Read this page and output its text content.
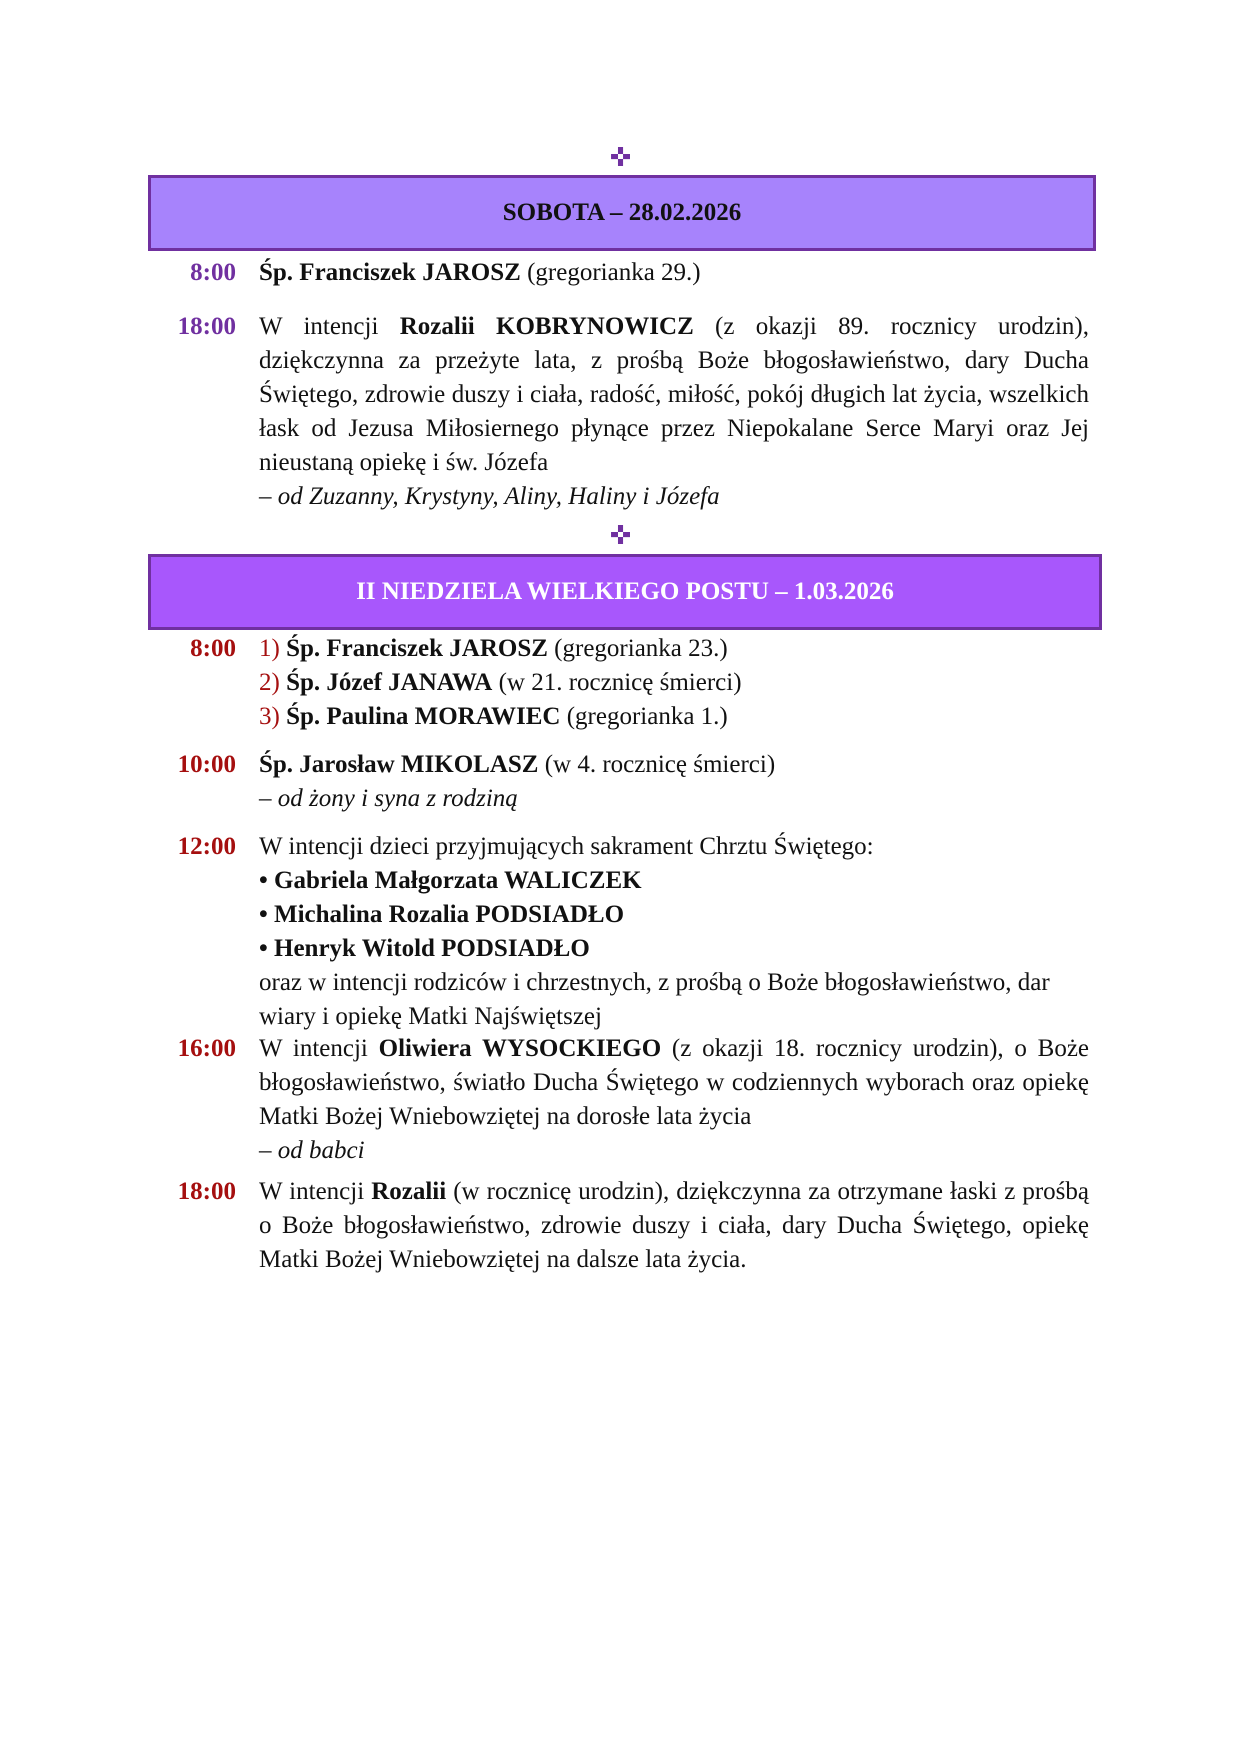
✜
SOBOTA – 28.02.2026
8:00 Śp. Franciszek JAROSZ (gregorianka 29.)
18:00 W intencji Rozalii KOBRYNOWICZ (z okazji 89. rocznicy urodzin), dziękczynna za przeżyte lata, z prośbą Boże błogosławieństwo, dary Ducha Świętego, zdrowie duszy i ciała, radość, miłość, pokój długich lat życia, wszelkich łask od Jezusa Miłosiernego płynące przez Niepokalane Serce Maryi oraz Jej nieustaną opiekę i św. Józefa
– od Zuzanny, Krystyny, Aliny, Haliny i Józefa
✜
II NIEDZIELA WIELKIEGO POSTU – 1.03.2026
8:00 1) Śp. Franciszek JAROSZ (gregorianka 23.)
2) Śp. Józef JANAWA (w 21. rocznicę śmierci)
3) Śp. Paulina MORAWIEC (gregorianka 1.)
10:00 Śp. Jarosław MIKOLASZ (w 4. rocznicę śmierci)
– od żony i syna z rodziną
12:00 W intencji dzieci przyjmujących sakrament Chrztu Świętego:
• Gabriela Małgorzata WALICZEK
• Michalina Rozalia PODSIADŁO
• Henryk Witold PODSIADŁO
oraz w intencji rodziców i chrzestnych, z prośbą o Boże błogosławieństwo, dar wiary i opiekę Matki Najświętszej
16:00 W intencji Oliwiera WYSOCKIEGO (z okazji 18. rocznicy urodzin), o Boże błogosławieństwo, światło Ducha Świętego w codziennych wyborach oraz opiekę Matki Bożej Wniebowziętej na dorosłe lata życia
– od babci
18:00 W intencji Rozalii (w rocznicę urodzin), dziękczynna za otrzymane łaski z prośbą o Boże błogosławieństwo, zdrowie duszy i ciała, dary Ducha Świętego, opiekę Matki Bożej Wniebowziętej na dalsze lata życia.
